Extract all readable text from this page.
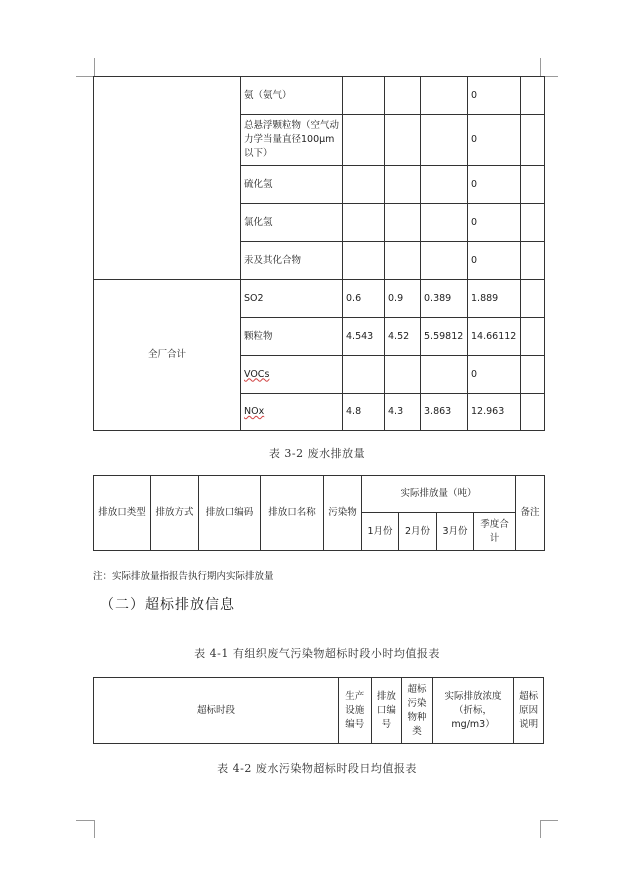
	氨（氨气）				0	
	总悬浮颗粒物（空气动力学当量直径100μm以下）				0	
	硫化氢				0	
	氯化氢				0	
	汞及其化合物				0	
全厂合计	SO2	0.6	0.9	0.389	1.889	
	颗粒物	4.543	4.52	5.59812	14.66112	
	VOCs				0	
	NOx	4.8	4.3	3.863	12.963	
表 3-2 废水排放量
排放口类型	排放方式	排放口编码	排放口名称	污染物	实际排放量（吨）				备注
					1月份	2月份	3月份	季度合计	
注：实际排放量指报告执行期内实际排放量
（二）超标排放信息
表 4-1 有组织废气污染物超标时段小时均值报表
超标时段	生产设施编号	排放口编号	超标污染物种类	实际排放浓度（折标，mg/m3）	超标原因说明
表 4-2 废水污染物超标时段日均值报表
